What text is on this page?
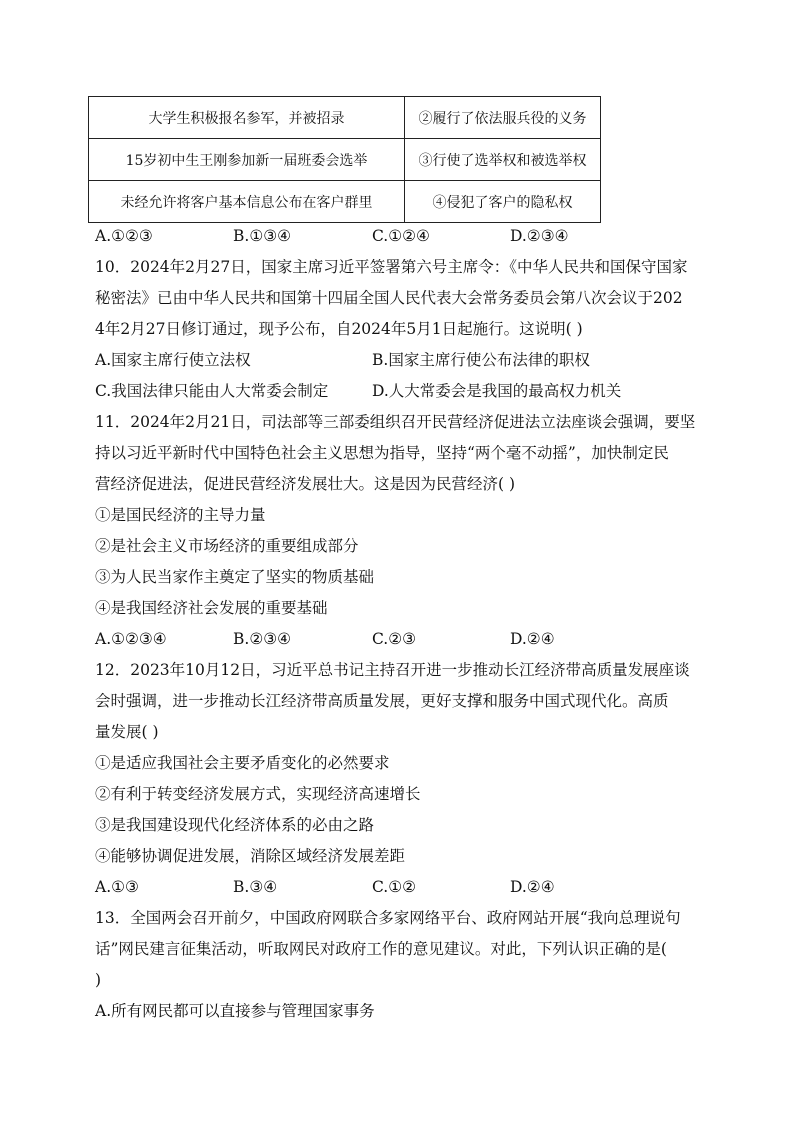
大学生积极报名参军，并被招录	②履行了依法服兵役的义务
15岁初中生王刚参加新一届班委会选举	③行使了选举权和被选举权
未经允许将客户基本信息公布在客户群里	④侵犯了客户的隐私权
A.①②③	B.①③④	C.①②④	D.②③④
10．2024年2月27日，国家主席习近平签署第六号主席令：《中华人民共和国保守国家
秘密法》已由中华人民共和国第十四届全国人民代表大会常务委员会第八次会议于202
4年2月27日修订通过，现予公布，自2024年5月1日起施行。这说明( )
A.国家主席行使立法权	B.国家主席行使公布法律的职权
C.我国法律只能由人大常委会制定	D.人大常委会是我国的最高权力机关
11．2024年2月21日，司法部等三部委组织召开民营经济促进法立法座谈会强调，要坚
持以习近平新时代中国特色社会主义思想为指导，坚持“两个毫不动摇”，加快制定民
营经济促进法，促进民营经济发展壮大。这是因为民营经济( )
①是国民经济的主导力量
②是社会主义市场经济的重要组成部分
③为人民当家作主奠定了坚实的物质基础
④是我国经济社会发展的重要基础
A.①②③④	B.②③④	C.②③	D.②④
12．2023年10月12日，习近平总书记主持召开进一步推动长江经济带高质量发展座谈
会时强调，进一步推动长江经济带高质量发展，更好支撑和服务中国式现代化。高质
量发展( )
①是适应我国社会主要矛盾变化的必然要求
②有利于转变经济发展方式，实现经济高速增长
③是我国建设现代化经济体系的必由之路
④能够协调促进发展，消除区域经济发展差距
A.①③	B.③④	C.①②	D.②④
13．全国两会召开前夕，中国政府网联合多家网络平台、政府网站开展“我向总理说句
话”网民建言征集活动，听取网民对政府工作的意见建议。对此，下列认识正确的是(
)
A.所有网民都可以直接参与管理国家事务
